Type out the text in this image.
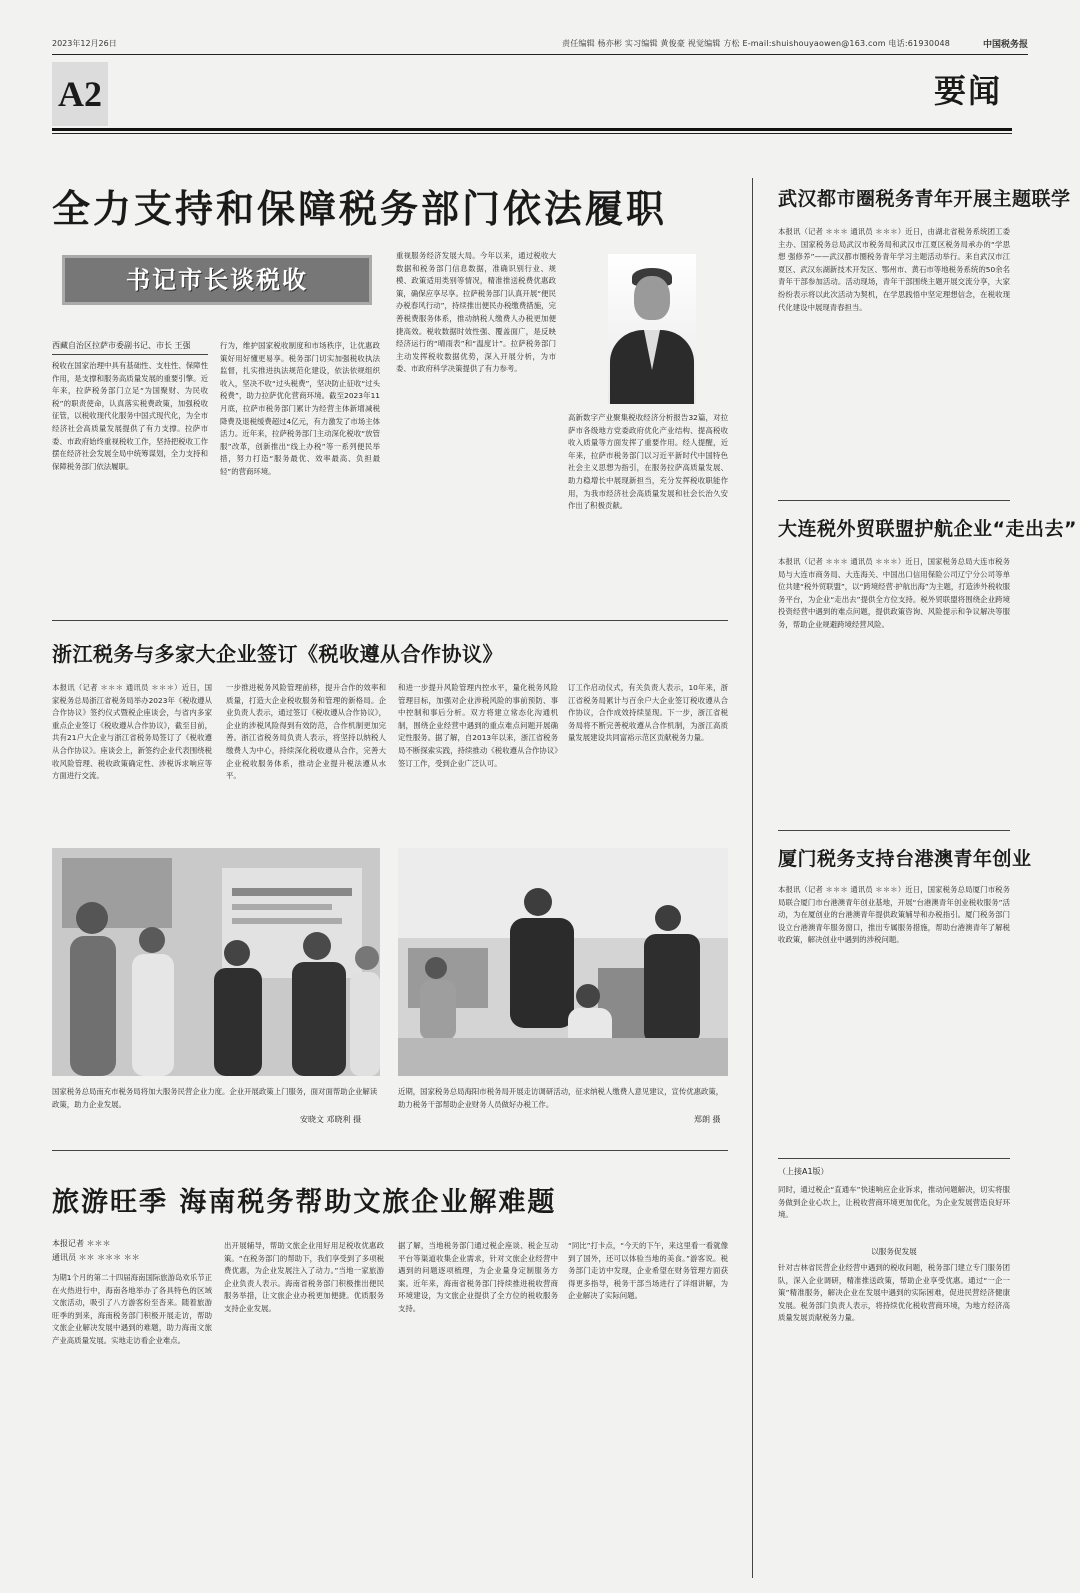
2023年12月26日	责任编辑 杨亦彬 实习编辑 黄俊豪 视觉编辑 方松 E-mail:shuishouyaowen@163.com 电话:61930048	中国税务报
A2	要闻
全力支持和保障税务部门依法履职
书记市长谈税收
西藏自治区拉萨市委副书记、市长 王强
税收在国家治理中具有基础性、支柱性、保障性作用，是支撑和服务高质量发展的重要引擎。近年来，拉萨税务部门立足“为国聚财、为民收税”的职责使命，认真落实税费政策，加强税收征管，以税收现代化服务中国式现代化，为全市经济社会高质量发展提供了有力支撑。拉萨市委、市政府始终重视税收工作，坚持把税收工作摆在经济社会发展全局中统筹谋划，全力支持和保障税务部门依法履职。
行为，维护国家税收制度和市场秩序，让优惠政策好用好懂更易享。税务部门切实加强税收执法监督，扎实推进执法规范化建设，依法依规组织收入，坚决不收“过头税费”，坚决防止征收“过头税费”，助力拉萨优化营商环境。截至2023年11月底，拉萨市税务部门累计为经营主体新增减税降费及退税缓费超过4亿元，有力激发了市场主体活力。近年来，拉萨税务部门主动深化税收“放管服”改革，创新推出“线上办税”等一系列便民举措，努力打造“服务最优、效率最高、负担最轻”的营商环境。
重视服务经济发展大局。今年以来，通过税收大数据和税务部门信息数据，准确识别行业、规模、政策适用类别等情况，精准推送税费优惠政策，确保应享尽享。拉萨税务部门认真开展“便民办税春风行动”，持续推出便民办税缴费措施，完善税费服务体系，推动纳税人缴费人办税更加便捷高效。税收数据时效性强、覆盖面广，是反映经济运行的“晴雨表”和“温度计”。拉萨税务部门主动发挥税收数据优势，深入开展分析，为市委、市政府科学决策提供了有力参考。
高新数字产业聚集税收经济分析报告32篇，对拉萨市各级地方党委政府优化产业结构、提高税收收入质量等方面发挥了重要作用。经人提醒，近年来，拉萨市税务部门以习近平新时代中国特色社会主义思想为指引，在服务拉萨高质量发展、助力稳增长中展现新担当，充分发挥税收职能作用，为我市经济社会高质量发展和社会长治久安作出了积极贡献。
浙江税务与多家大企业签订《税收遵从合作协议》
本报讯（记者 ＊＊＊ 通讯员 ＊＊＊）近日，国家税务总局浙江省税务局举办2023年《税收遵从合作协议》签约仪式暨税企座谈会，与省内多家重点企业签订《税收遵从合作协议》，截至目前，共有21户大企业与浙江省税务局签订了《税收遵从合作协议》。座谈会上，新签约企业代表围绕税收风险管理、税收政策确定性、涉税诉求响应等方面进行交流。
一步推进税务风险管理前移，提升合作的效率和质量，打造大企业税收服务和管理的新格局。企业负责人表示，通过签订《税收遵从合作协议》，企业的涉税风险得到有效防范，合作机制更加完善。浙江省税务局负责人表示，将坚持以纳税人缴费人为中心，持续深化税收遵从合作，完善大企业税收服务体系，推动企业提升税法遵从水平。
和进一步提升风险管理内控水平，量化税务风险管理目标，加强对企业涉税风险的事前预防、事中控制和事后分析。双方将建立常态化沟通机制，围绕企业经营中遇到的重点难点问题开展确定性服务。据了解，自2013年以来，浙江省税务局不断探索实践，持续推动《税收遵从合作协议》签订工作，受到企业广泛认可。
订工作启动仪式，有关负责人表示，10年来，浙江省税务局累计与百余户大企业签订税收遵从合作协议，合作成效持续显现。下一步，浙江省税务局将不断完善税收遵从合作机制，为浙江高质量发展建设共同富裕示范区贡献税务力量。
国家税务总局南充市税务局将加大服务民营企业力度。企业开展政策上门服务，面对面帮助企业解读政策，助力企业发展。
安晓文 邓晓利 摄
近期，国家税务总局海阳市税务局开展走访调研活动，征求纳税人缴费人意见建议，宣传优惠政策，助力税务干部帮助企业财务人员做好办税工作。
郑朗 摄
旅游旺季 海南税务帮助文旅企业解难题
本报记者 ＊＊＊
通讯员 ＊＊ ＊＊＊ ＊＊
为期1个月的第二十四届海南国际旅游岛欢乐节正在火热进行中，海南各地举办了各具特色的区域文旅活动，吸引了八方游客纷至沓来。随着旅游旺季的到来，海南税务部门积极开展走访，帮助文旅企业解决发展中遇到的难题，助力海南文旅产业高质量发展。实地走访看企业难点。
出开展辅导，帮助文旅企业用好用足税收优惠政策。“在税务部门的帮助下，我们享受到了多项税费优惠，为企业发展注入了动力。”当地一家旅游企业负责人表示。海南省税务部门积极推出便民服务举措，让文旅企业办税更加便捷。优质服务支持企业发展。
据了解，当地税务部门通过税企座谈、税企互动平台等渠道收集企业需求，针对文旅企业经营中遇到的问题逐项梳理，为企业量身定制服务方案。近年来，海南省税务部门持续推进税收营商环境建设，为文旅企业提供了全方位的税收服务支持。
“同比”打卡点，“今天的下午，来这里看一看就像到了国外，还可以体验当地的美食。”游客说。税务部门走访中发现，企业希望在财务管理方面获得更多指导，税务干部当场进行了详细讲解，为企业解决了实际问题。
武汉都市圈税务青年开展主题联学
本报讯（记者 ＊＊＊ 通讯员 ＊＊＊）近日，由湖北省税务系统团工委主办、国家税务总局武汉市税务局和武汉市江夏区税务局承办的“学思想 强修养”——武汉都市圈税务青年学习主题活动举行。来自武汉市江夏区、武汉东湖新技术开发区、鄂州市、黄石市等地税务系统的50余名青年干部参加活动。活动现场，青年干部围绕主题开展交流分享，大家纷纷表示将以此次活动为契机，在学思践悟中坚定理想信念，在税收现代化建设中展现青春担当。
大连税外贸联盟护航企业“走出去”
本报讯（记者 ＊＊＊ 通讯员 ＊＊＊）近日，国家税务总局大连市税务局与大连市商务局、大连海关、中国出口信用保险公司辽宁分公司等单位共建“税外贸联盟”，以“跨境经营·护航出海”为主题，打造涉外税收服务平台，为企业“走出去”提供全方位支持。税外贸联盟将围绕企业跨境投资经营中遇到的难点问题，提供政策咨询、风险提示和争议解决等服务，帮助企业规避跨境经营风险。
厦门税务支持台港澳青年创业
本报讯（记者 ＊＊＊ 通讯员 ＊＊＊）近日，国家税务总局厦门市税务局联合厦门市台港澳青年创业基地，开展“台港澳青年创业税收服务”活动，为在厦创业的台港澳青年提供政策辅导和办税指引。厦门税务部门设立台港澳青年服务窗口，推出专属服务措施，帮助台港澳青年了解税收政策，解决创业中遇到的涉税问题。
（上接A1版）
同时，通过税企“直通车”快速响应企业诉求，推动问题解决，切实将服务做到企业心坎上，让税收营商环境更加优化，为企业发展营造良好环境。
以服务促发展
针对吉林省民营企业经营中遇到的税收问题，税务部门建立专门服务团队，深入企业调研，精准推送政策，帮助企业享受优惠。通过“一企一策”精准服务，解决企业在发展中遇到的实际困难，促进民营经济健康发展。税务部门负责人表示，将持续优化税收营商环境，为地方经济高质量发展贡献税务力量。
